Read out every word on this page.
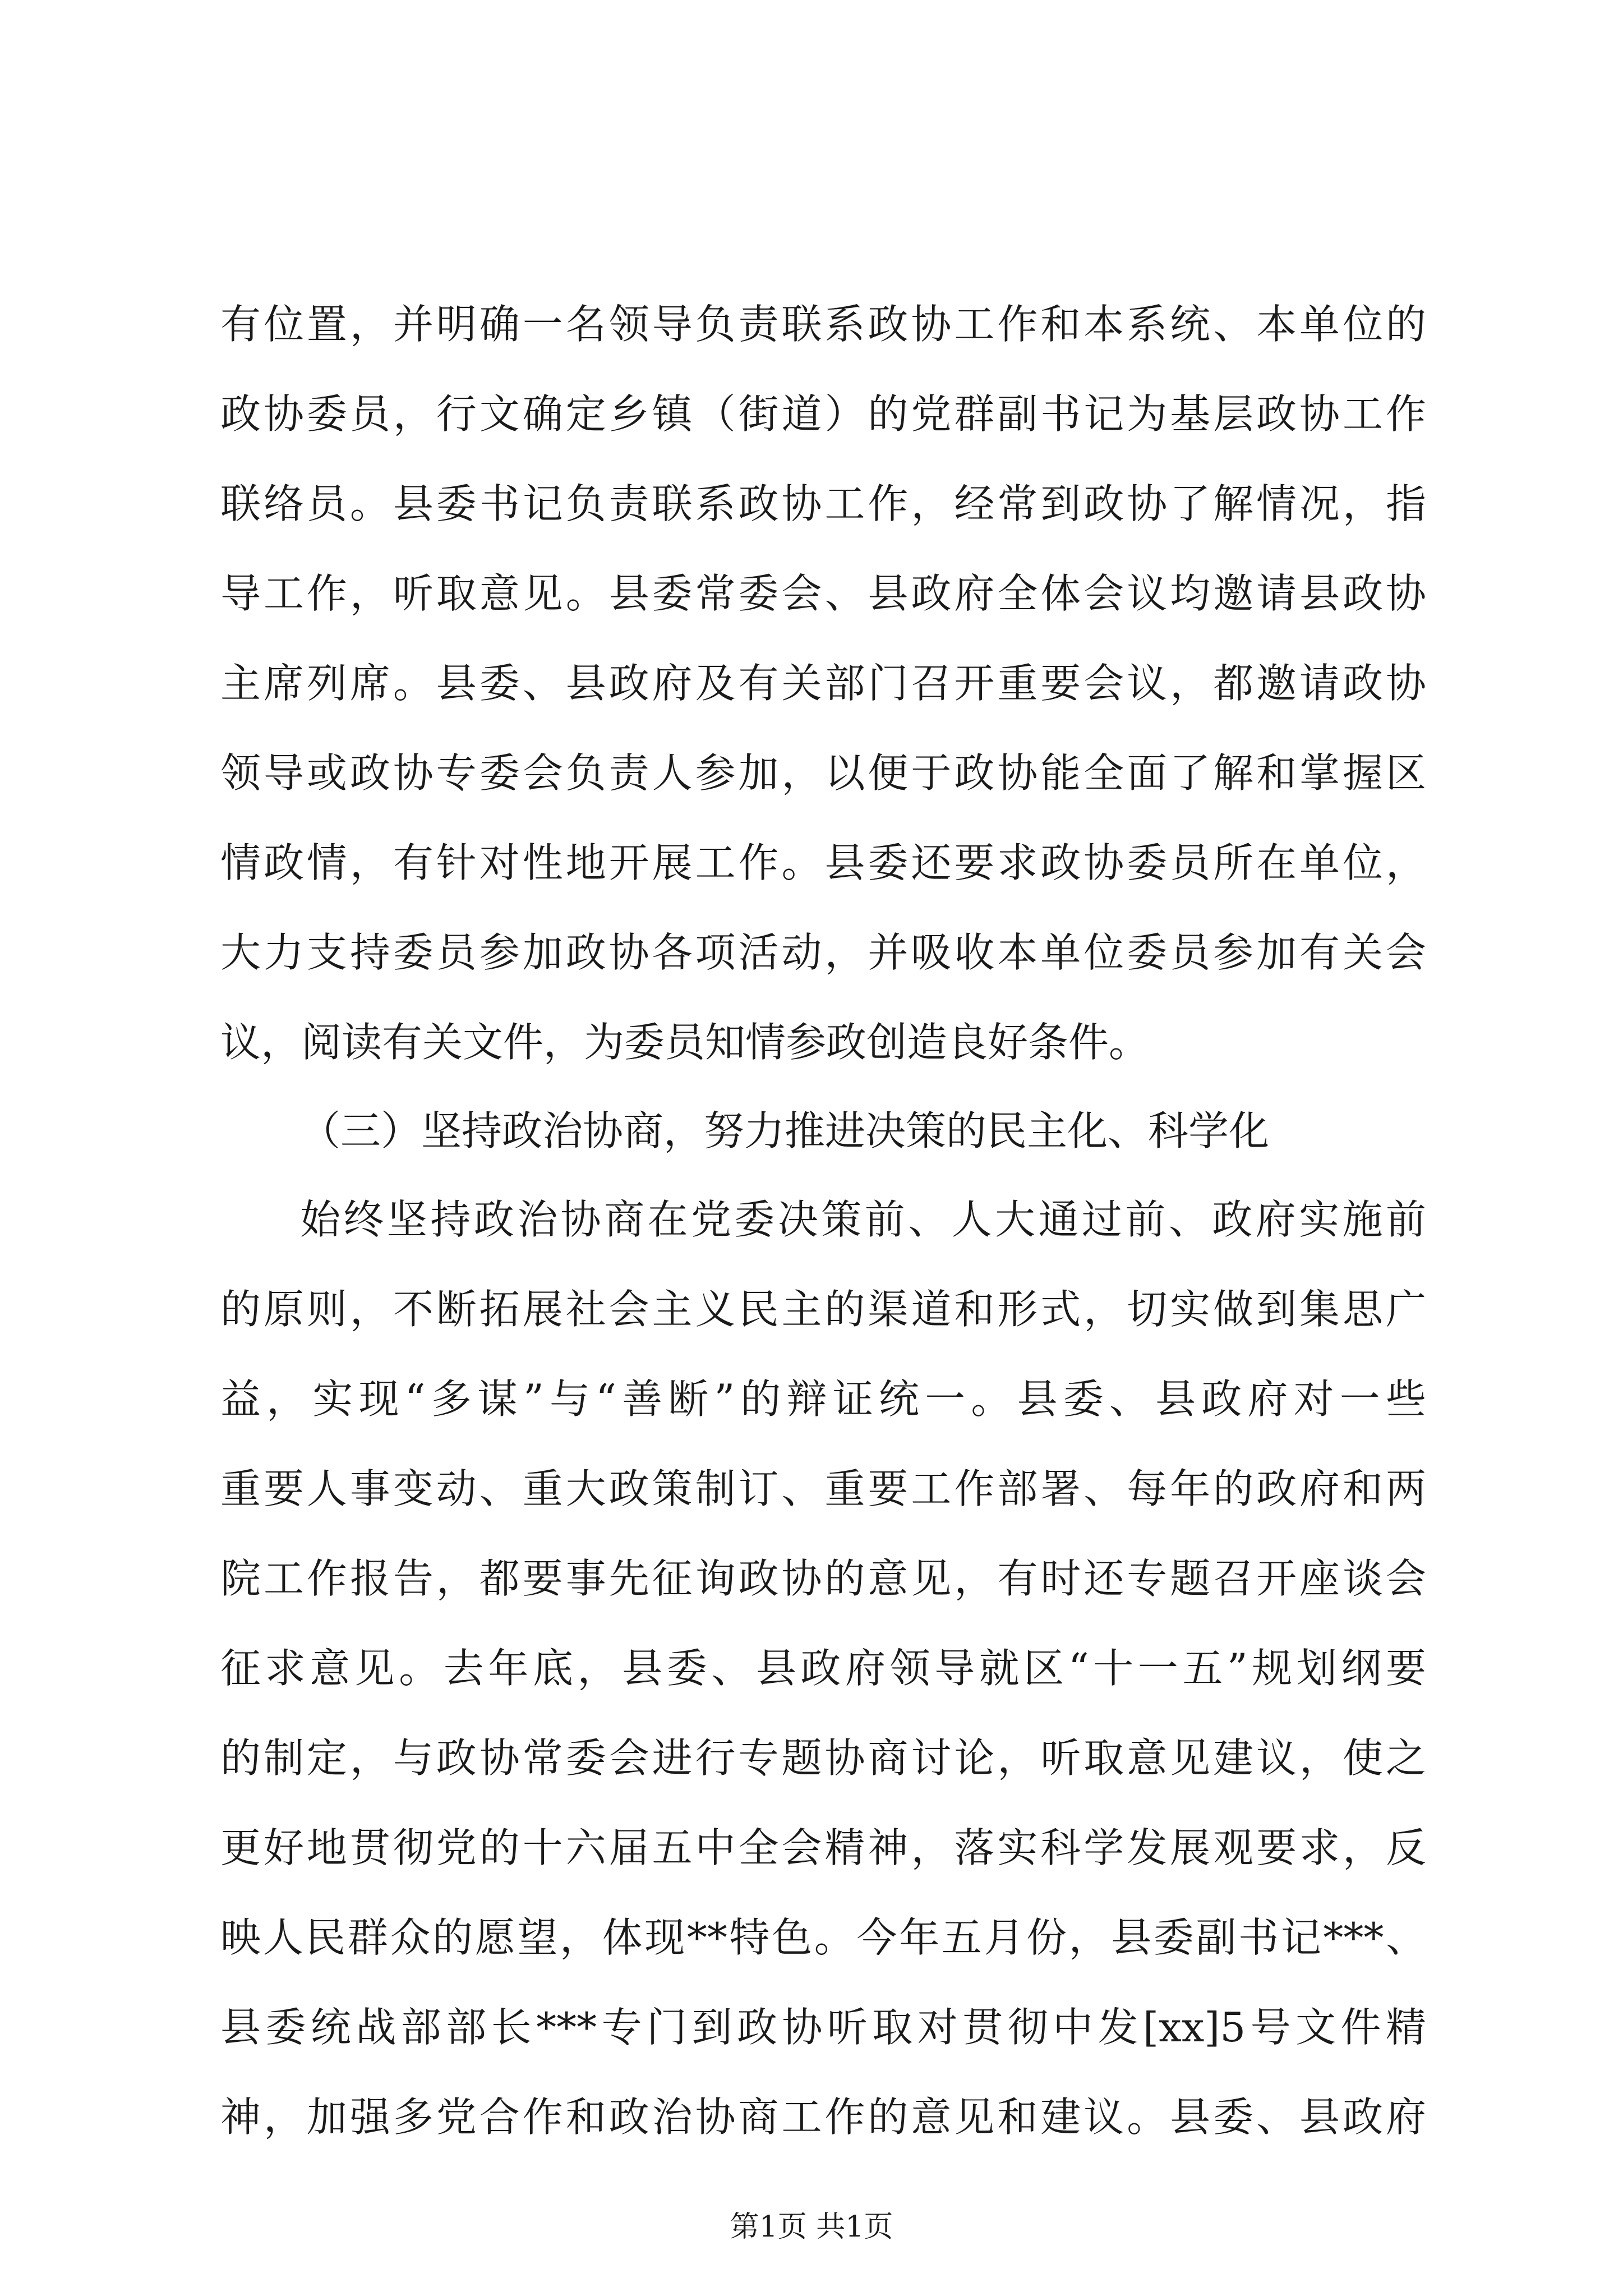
有位置，并明确一名领导负责联系政协工作和本系统、本单位的
政协委员，行文确定乡镇（街道）的党群副书记为基层政协工作
联络员。县委书记负责联系政协工作，经常到政协了解情况，指
导工作，听取意见。县委常委会、县政府全体会议均邀请县政协
主席列席。县委、县政府及有关部门召开重要会议，都邀请政协
领导或政协专委会负责人参加，以便于政协能全面了解和掌握区
情政情，有针对性地开展工作。县委还要求政协委员所在单位，
大力支持委员参加政协各项活动，并吸收本单位委员参加有关会
议，阅读有关文件，为委员知情参政创造良好条件。
（三）坚持政治协商，努力推进决策的民主化、科学化
始终坚持政治协商在党委决策前、人大通过前、政府实施前
的原则，不断拓展社会主义民主的渠道和形式，切实做到集思广
益，实现“多谋”与“善断”的辩证统一。县委、县政府对一些
重要人事变动、重大政策制订、重要工作部署、每年的政府和两
院工作报告，都要事先征询政协的意见，有时还专题召开座谈会
征求意见。去年底，县委、县政府领导就区“十一五”规划纲要
的制定，与政协常委会进行专题协商讨论，听取意见建议，使之
更好地贯彻党的十六届五中全会精神，落实科学发展观要求，反
映人民群众的愿望，体现**特色。今年五月份，县委副书记***、
县委统战部部长***专门到政协听取对贯彻中发[xx]5号文件精
神，加强多党合作和政治协商工作的意见和建议。县委、县政府
第1页 共1页
